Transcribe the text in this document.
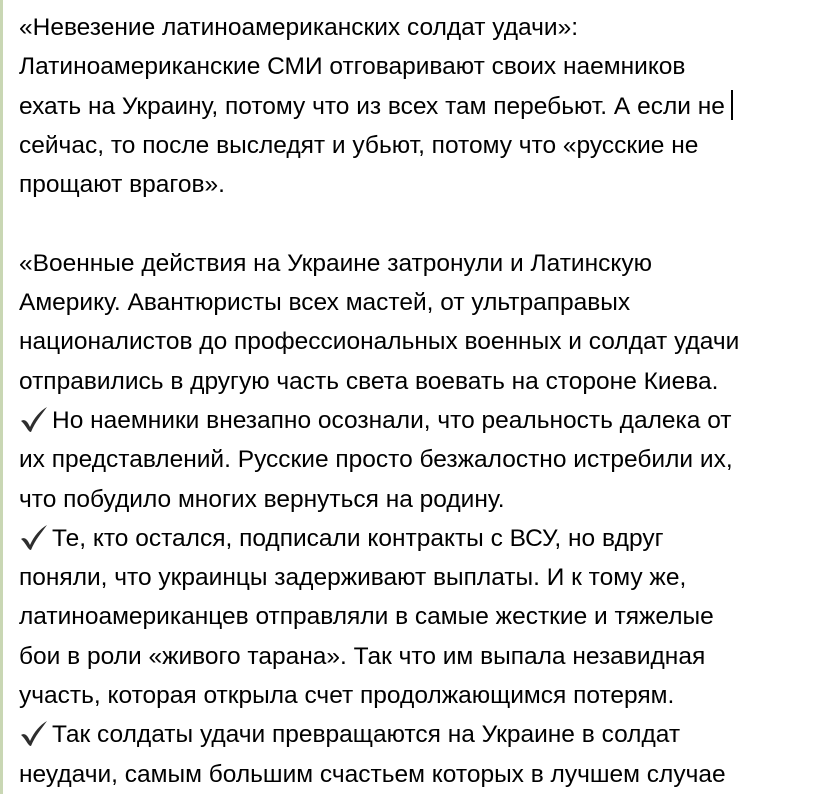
«Невезение латиноамериканских солдат удачи»:
Латиноамериканские СМИ отговаривают своих наемников
ехать на Украину, потому что из всех там перебьют. А если не
сейчас, то после выследят и убьют, потому что «русские не
прощают врагов».
«Военные действия на Украине затронули и Латинскую
Америку. Авантюристы всех мастей, от ультраправых
националистов до профессиональных военных и солдат удачи
отправились в другую часть света воевать на стороне Киева.
Но наемники внезапно осознали, что реальность далека от
их представлений. Русские просто безжалостно истребили их,
что побудило многих вернуться на родину.
Те, кто остался, подписали контракты с ВСУ, но вдруг
поняли, что украинцы задерживают выплаты. И к тому же,
латиноамериканцев отправляли в самые жесткие и тяжелые
бои в роли «живого тарана». Так что им выпала незавидная
участь, которая открыла счет продолжающимся потерям.
Так солдаты удачи превращаются на Украине в солдат
неудачи, самым большим счастьем которых в лучшем случае
